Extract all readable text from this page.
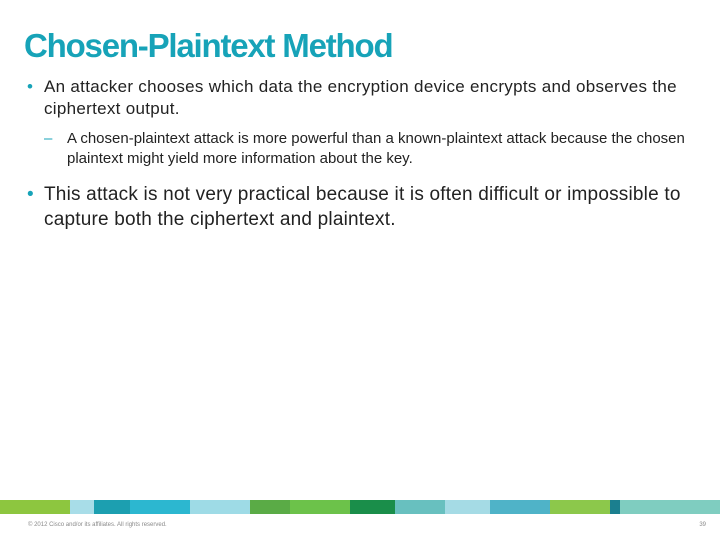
Chosen-Plaintext Method

• An attacker chooses which data the encryption device encrypts and observes the ciphertext output.

– A chosen-plaintext attack is more powerful than a known-plaintext attack because the chosen plaintext might yield more information about the key.

• This attack is not very practical because it is often difficult or impossible to capture both the ciphertext and plaintext.

© 2012 Cisco and/or its affiliates. All rights reserved.	39
